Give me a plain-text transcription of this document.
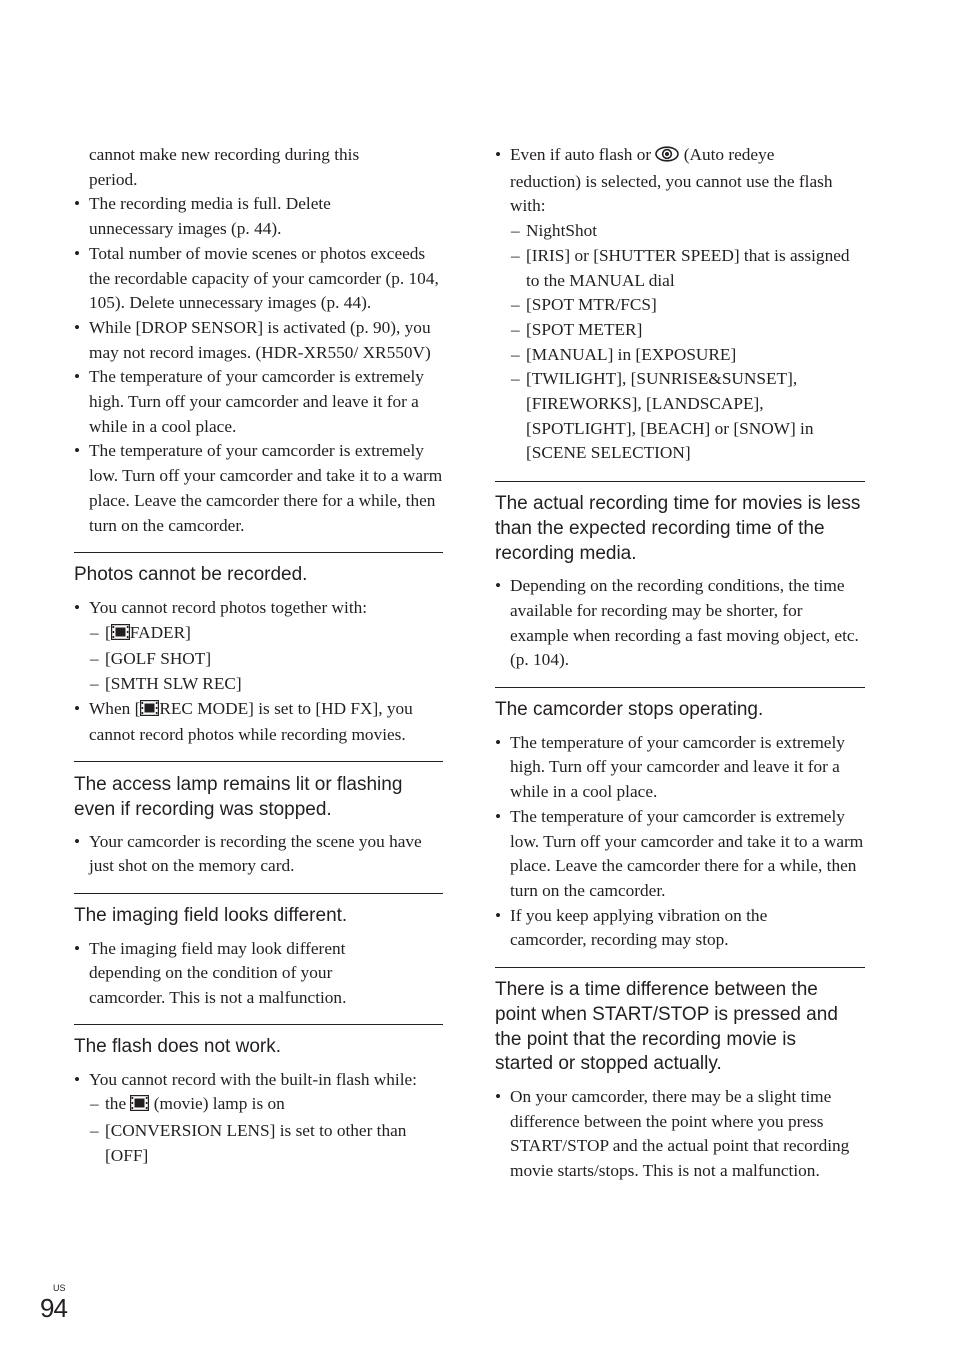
cannot make new recording during this
period.
• The recording media is full. Delete unnecessary images (p. 44).
• Total number of movie scenes or photos exceeds the recordable capacity of your camcorder (p. 104, 105). Delete unnecessary images (p. 44).
• While [DROP SENSOR] is activated (p. 90), you may not record images. (HDR-XR550/ XR550V)
• The temperature of your camcorder is extremely high. Turn off your camcorder and leave it for a while in a cool place.
• The temperature of your camcorder is extremely low. Turn off your camcorder and take it to a warm place. Leave the camcorder there for a while, then turn on the camcorder.
Photos cannot be recorded.
• You cannot record photos together with:
– [ FADER]
– [GOLF SHOT]
– [SMTH SLW REC]
• When [ REC MODE] is set to [HD FX], you cannot record photos while recording movies.
The access lamp remains lit or flashing even if recording was stopped.
• Your camcorder is recording the scene you have just shot on the memory card.
The imaging field looks different.
• The imaging field may look different depending on the condition of your camcorder. This is not a malfunction.
The flash does not work.
• You cannot record with the built-in flash while:
– the  (movie) lamp is on
– [CONVERSION LENS] is set to other than [OFF]
• Even if auto flash or  (Auto redeye reduction) is selected, you cannot use the flash with:
– NightShot
– [IRIS] or [SHUTTER SPEED] that is assigned to the MANUAL dial
– [SPOT MTR/FCS]
– [SPOT METER]
– [MANUAL] in [EXPOSURE]
– [TWILIGHT], [SUNRISE&SUNSET], [FIREWORKS], [LANDSCAPE], [SPOTLIGHT], [BEACH] or [SNOW] in [SCENE SELECTION]
The actual recording time for movies is less than the expected recording time of the recording media.
• Depending on the recording conditions, the time available for recording may be shorter, for example when recording a fast moving object, etc. (p. 104).
The camcorder stops operating.
• The temperature of your camcorder is extremely high. Turn off your camcorder and leave it for a while in a cool place.
• The temperature of your camcorder is extremely low. Turn off your camcorder and take it to a warm place. Leave the camcorder there for a while, then turn on the camcorder.
• If you keep applying vibration on the camcorder, recording may stop.
There is a time difference between the point when START/STOP is pressed and the point that the recording movie is started or stopped actually.
• On your camcorder, there may be a slight time difference between the point where you press START/STOP and the actual point that recording movie starts/stops. This is not a malfunction.
US
94
